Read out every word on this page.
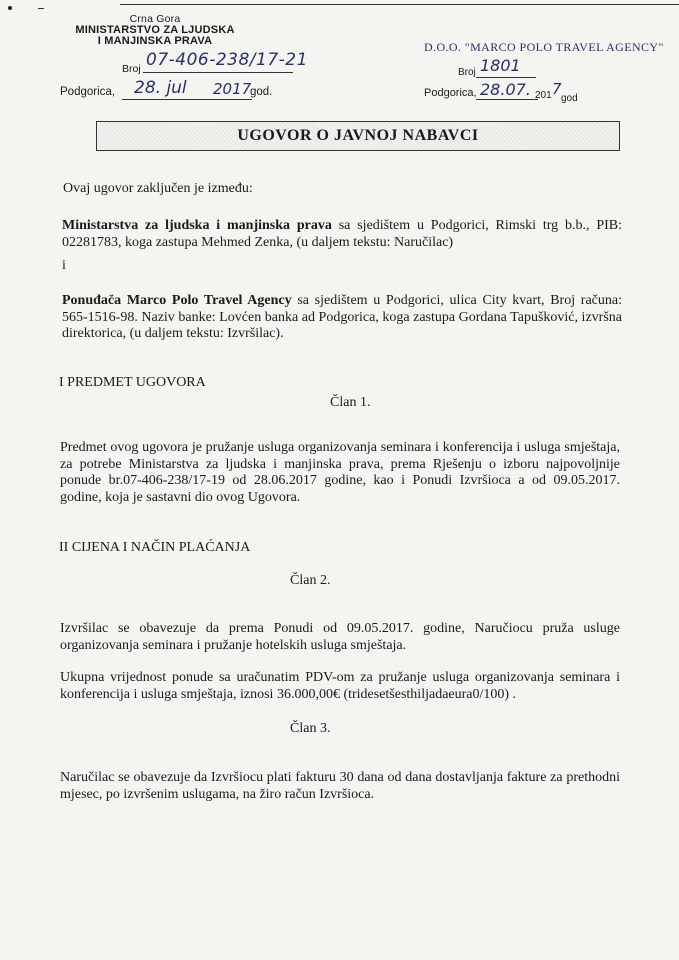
Crna Gora
MINISTARSTVO ZA LJUDSKA
I MANJINSKA PRAVA
Broj 07-406-238/17-21
Podgorica, 28. jul 2017
god.
D.O.O. "MARCO POLO TRAVEL AGENCY"
Broj 1801
Podgorica, 28.07. 201 7
god
UGOVOR O JAVNOJ NABAVCI
Ovaj ugovor zaključen je između:
Ministarstva za ljudska i manjinska prava sa sjedištem u Podgorici, Rimski trg b.b., PIB: 02281783, koga zastupa Mehmed Zenka, (u daljem tekstu: Naručilac)
i
Ponuđača Marco Polo Travel Agency sa sjedištem u Podgorici, ulica City kvart, Broj računa: 565-1516-98. Naziv banke: Lovćen banka ad Podgorica, koga zastupa Gordana Tapušković, izvršna direktorica, (u daljem tekstu: Izvršilac).
I PREDMET UGOVORA
Član 1.
Predmet ovog ugovora je pružanje usluga organizovanja seminara i konferencija i usluga smještaja, za potrebe Ministarstva za ljudska i manjinska prava, prema Rješenju o izboru najpovoljnije ponude br.07-406-238/17-19 od 28.06.2017 godine, kao i Ponudi Izvršioca a od 09.05.2017. godine, koja je sastavni dio ovog Ugovora.
II CIJENA I NAČIN PLAĆANJA
Član 2.
Izvršilac se obavezuje da prema Ponudi od 09.05.2017. godine, Naručiocu pruža usluge organizovanja seminara i pružanje hotelskih usluga smještaja.
Ukupna vrijednost ponude sa uračunatim PDV-om za pružanje usluga organizovanja seminara i konferencija i usluga smještaja, iznosi 36.000,00€ (tridesetšesthiljadaeura0/100) .
Član 3.
Naručilac se obavezuje da Izvršiocu plati fakturu 30 dana od dana dostavljanja fakture za prethodni mjesec, po izvršenim uslugama, na žiro račun Izvršioca.
